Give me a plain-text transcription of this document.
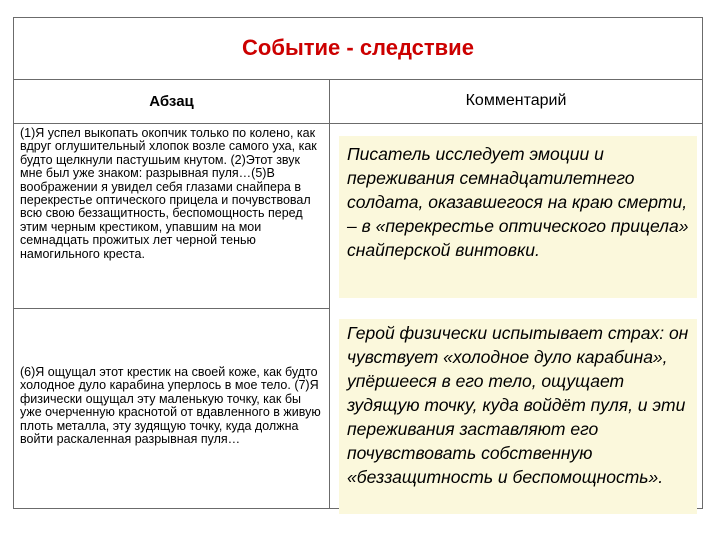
Событие - следствие
Абзац	Комментарий
(1)Я успел выкопать окопчик только по колено, как вдруг оглушительный хлопок возле самого уха, как будто щелкнули пастушьим кнутом. (2)Этот звук мне был уже знаком: разрывная пуля…(5)В воображении я увидел себя глазами снайпера в перекрестье оптического прицела и почувствовал всю свою беззащитность, беспомощность перед этим черным крестиком, упавшим на мои семнадцать прожитых лет черной тенью намогильного креста.
(6)Я ощущал этот крестик на своей коже, как будто холодное дуло карабина уперлось в мое тело. (7)Я физически ощущал эту маленькую точку, как бы уже очерченную краснотой от вдавленного в живую плоть металла, эту зудящую точку, куда должна войти раскаленная разрывная пуля…
Писатель исследует эмоции и переживания семнадцатилетнего солдата, оказавшегося на краю смерти, – в «перекрестье оптического прицела» снайперской винтовки.
Герой физически испытывает страх: он чувствует «холодное дуло карабина», упёршееся в его тело, ощущает зудящую точку, куда войдёт пуля, и эти переживания заставляют его почувствовать собственную «беззащитность и беспомощность».
